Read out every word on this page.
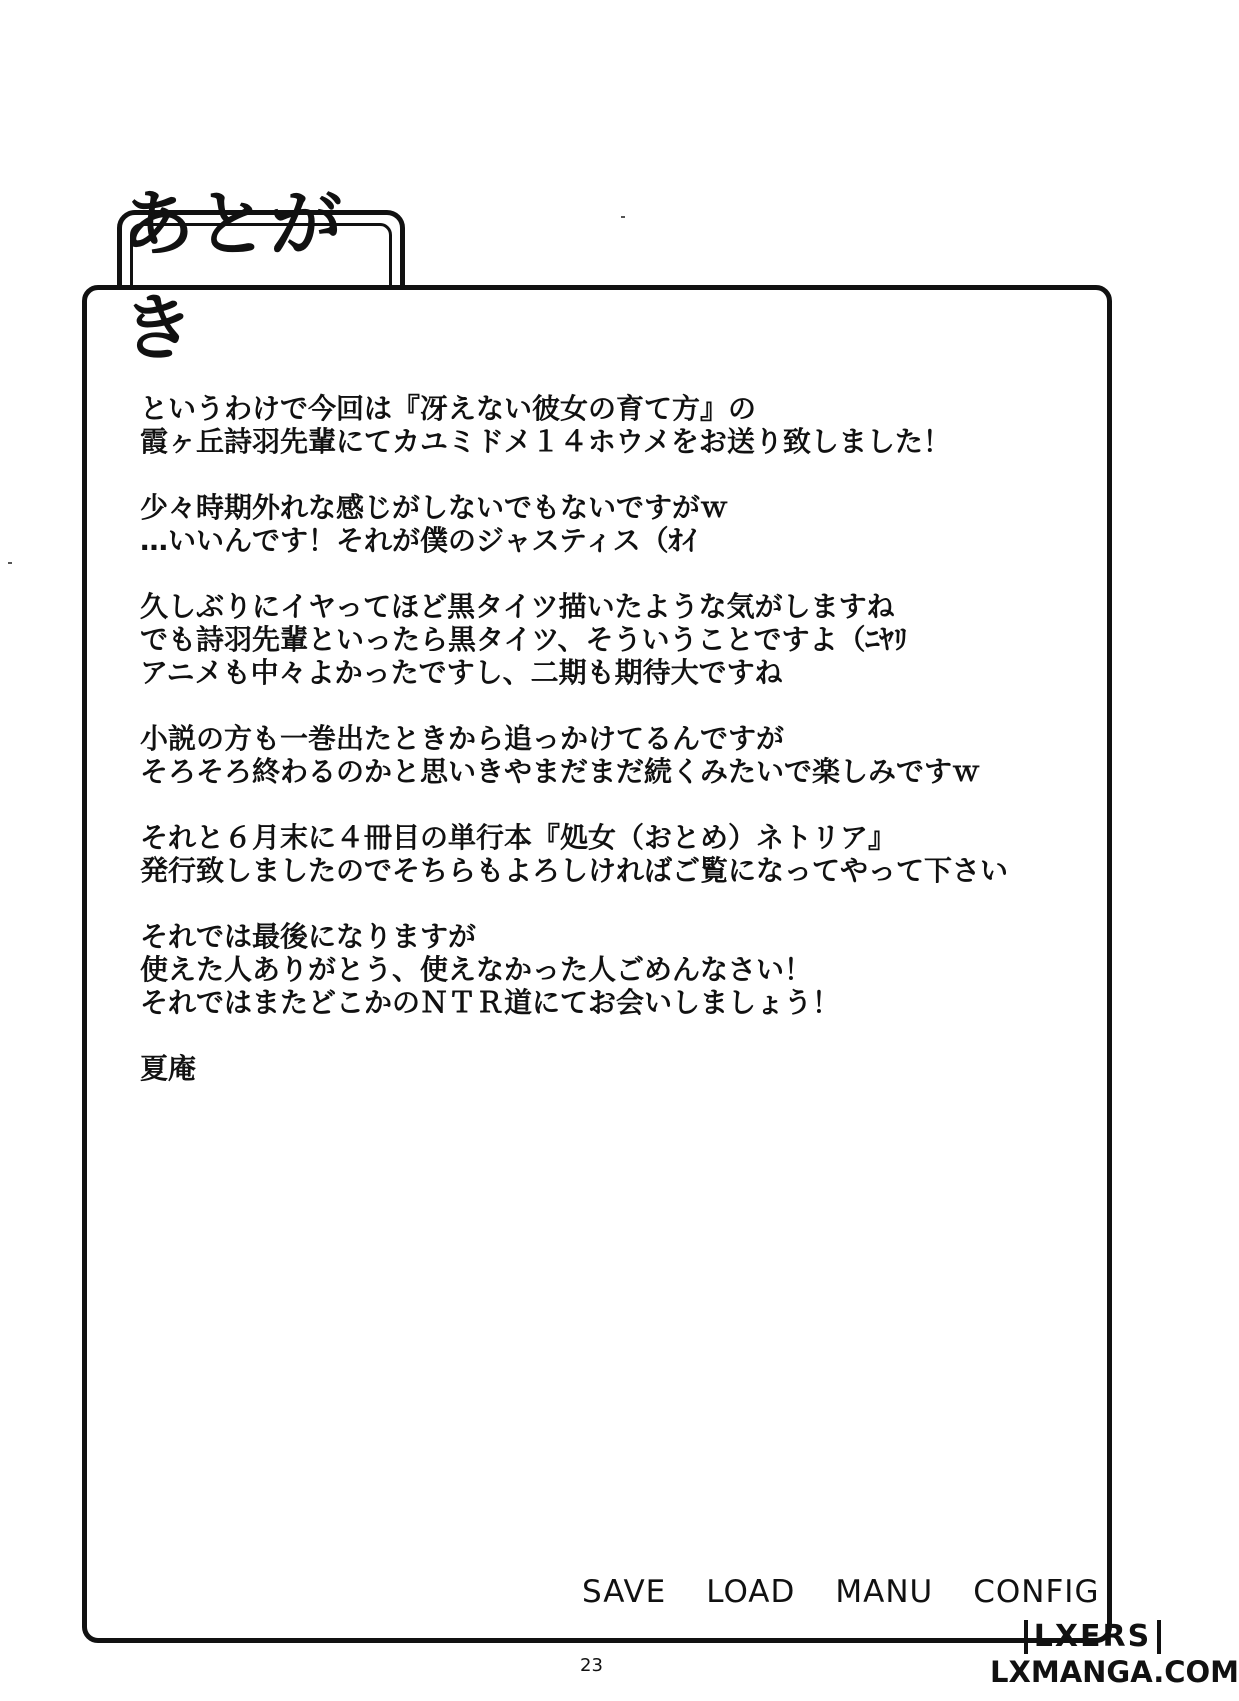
あとが
というわけで今回は『冴えない彼女の育て方』の
霞ヶ丘詩羽先輩にてカユミドメ１４ホウメをお送り致しました！
少々時期外れな感じがしないでもないですがｗ
…いいんです！それが僕のジャスティス（ｵｲ
久しぶりにイヤってほど黒タイツ描いたような気がしますね
でも詩羽先輩といったら黒タイツ、そういうことですよ（ﾆﾔﾘ
アニメも中々よかったですし、二期も期待大ですね
小説の方も一巻出たときから追っかけてるんですが
そろそろ終わるのかと思いきやまだまだ続くみたいで楽しみですｗ
それと６月末に４冊目の単行本『処女（おとめ）ネトリア』
発行致しましたのでそちらもよろしければご覧になってやって下さい
それでは最後になりますが
使えた人ありがとう、使えなかった人ごめんなさい！
それではまたどこかのＮＴＲ道にてお会いしましょう！
夏庵
SAVE LOAD MANU CONFIG
23
LXERS
LXMANGA.COM
